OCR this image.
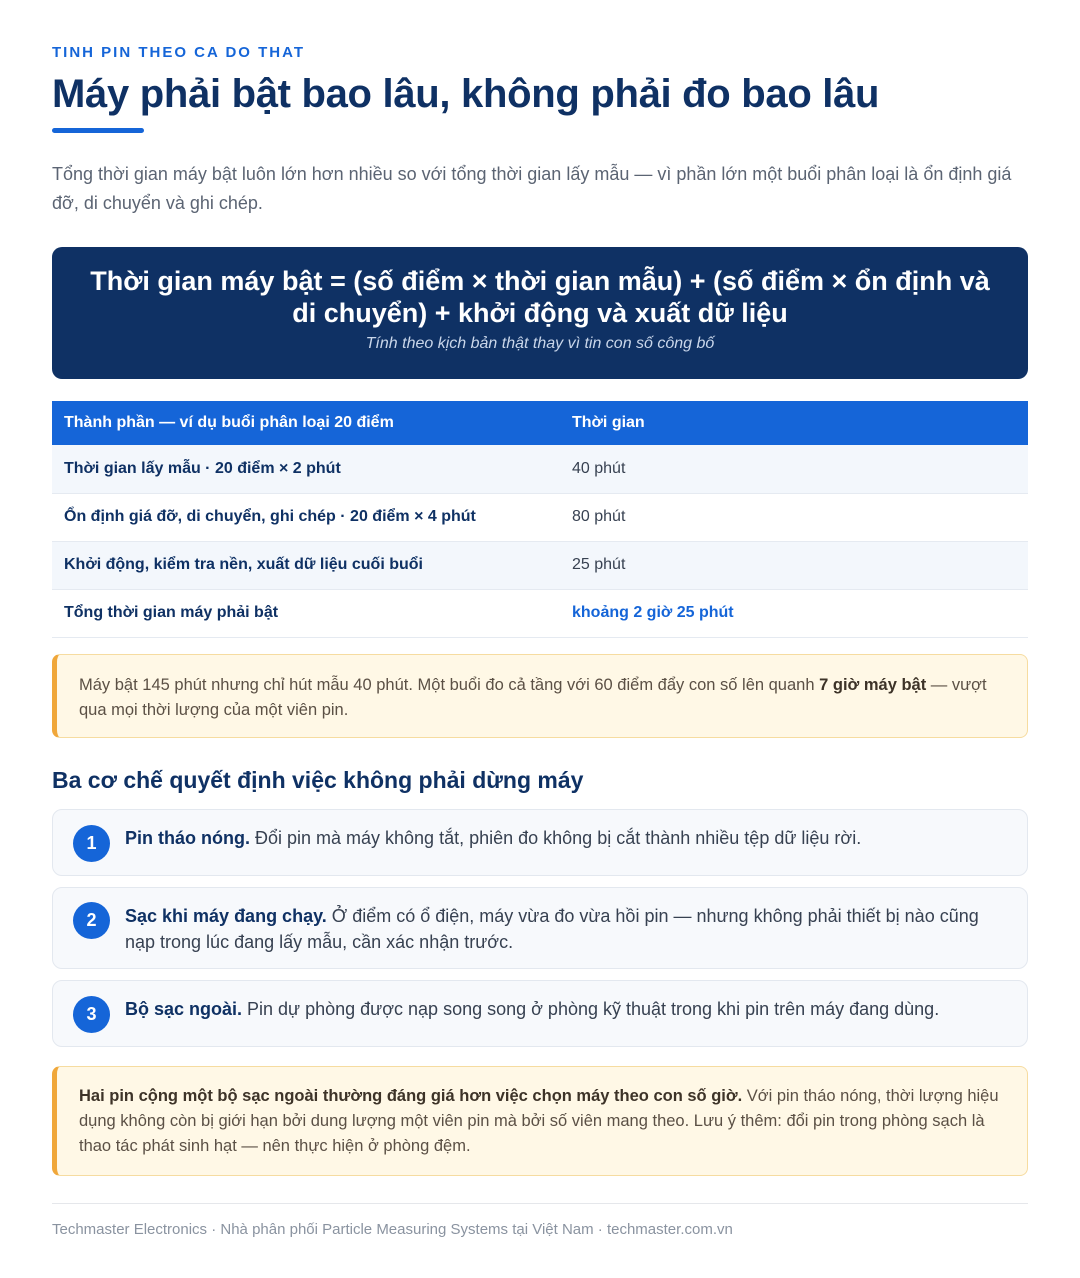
TINH PIN THEO CA DO THAT
Máy phải bật bao lâu, không phải đo bao lâu

Tổng thời gian máy bật luôn lớn hơn nhiều so với tổng thời gian lấy mẫu — vì phần lớn một buổi phân loại là ổn định giá đỡ, di chuyển và ghi chép.

Thời gian máy bật = (số điểm × thời gian mẫu) + (số điểm × ổn định và di chuyển) + khởi động và xuất dữ liệu
Tính theo kịch bản thật thay vì tin con số công bố
Thành phần — ví dụ buổi phân loại 20 điểm	Thời gian
Thời gian lấy mẫu · 20 điểm × 2 phút	40 phút
Ổn định giá đỡ, di chuyển, ghi chép · 20 điểm × 4 phút	80 phút
Khởi động, kiểm tra nền, xuất dữ liệu cuối buổi	25 phút
Tổng thời gian máy phải bật	khoảng 2 giờ 25 phút
Máy bật 145 phút nhưng chỉ hút mẫu 40 phút. Một buổi đo cả tầng với 60 điểm đẩy con số lên quanh 7 giờ máy bật — vượt qua mọi thời lượng của một viên pin.
Ba cơ chế quyết định việc không phải dừng máy
1	Pin tháo nóng. Đổi pin mà máy không tắt, phiên đo không bị cắt thành nhiều tệp dữ liệu rời.
2	Sạc khi máy đang chạy. Ở điểm có ổ điện, máy vừa đo vừa hồi pin — nhưng không phải thiết bị nào cũng nạp trong lúc đang lấy mẫu, cần xác nhận trước.
3	Bộ sạc ngoài. Pin dự phòng được nạp song song ở phòng kỹ thuật trong khi pin trên máy đang dùng.
Hai pin cộng một bộ sạc ngoài thường đáng giá hơn việc chọn máy theo con số giờ. Với pin tháo nóng, thời lượng hiệu dụng không còn bị giới hạn bởi dung lượng một viên pin mà bởi số viên mang theo. Lưu ý thêm: đổi pin trong phòng sạch là thao tác phát sinh hạt — nên thực hiện ở phòng đệm.
Techmaster Electronics · Nhà phân phối Particle Measuring Systems tại Việt Nam · techmaster.com.vn
